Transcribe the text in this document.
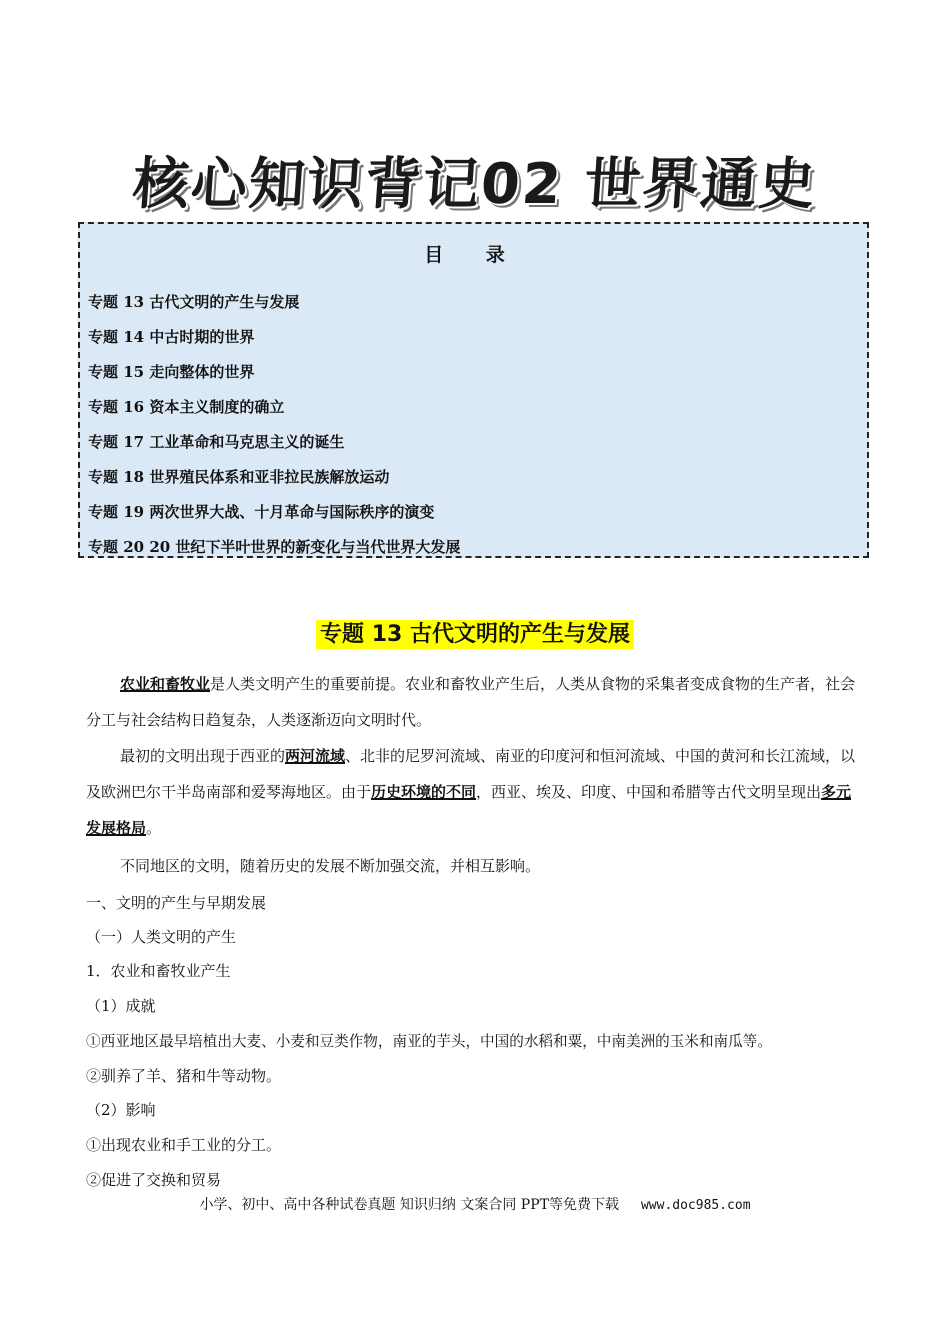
核心知识背记02 世界通史
目 录
专题 13 古代文明的产生与发展
专题 14 中古时期的世界
专题 15 走向整体的世界
专题 16 资本主义制度的确立
专题 17 工业革命和马克思主义的诞生
专题 18 世界殖民体系和亚非拉民族解放运动
专题 19 两次世界大战、十月革命与国际秩序的演变
专题 20 20 世纪下半叶世界的新变化与当代世界大发展
专题 13 古代文明的产生与发展
农业和畜牧业是人类文明产生的重要前提。农业和畜牧业产生后，人类从食物的采集者变成食物的生产者，社会分工与社会结构日趋复杂，人类逐渐迈向文明时代。
最初的文明出现于西亚的两河流域、北非的尼罗河流域、南亚的印度河和恒河流域、中国的黄河和长江流域，以及欧洲巴尔干半岛南部和爱琴海地区。由于历史环境的不同，西亚、埃及、印度、中国和希腊等古代文明呈现出多元发展格局。
不同地区的文明，随着历史的发展不断加强交流，并相互影响。
一、文明的产生与早期发展
（一）人类文明的产生
1．农业和畜牧业产生
（1）成就
①西亚地区最早培植出大麦、小麦和豆类作物，南亚的芋头，中国的水稻和粟，中南美洲的玉米和南瓜等。
②驯养了羊、猪和牛等动物。
（2）影响
①出现农业和手工业的分工。
②促进了交换和贸易
小学、初中、高中各种试卷真题 知识归纳 文案合同 PPT等免费下载 www.doc985.com
